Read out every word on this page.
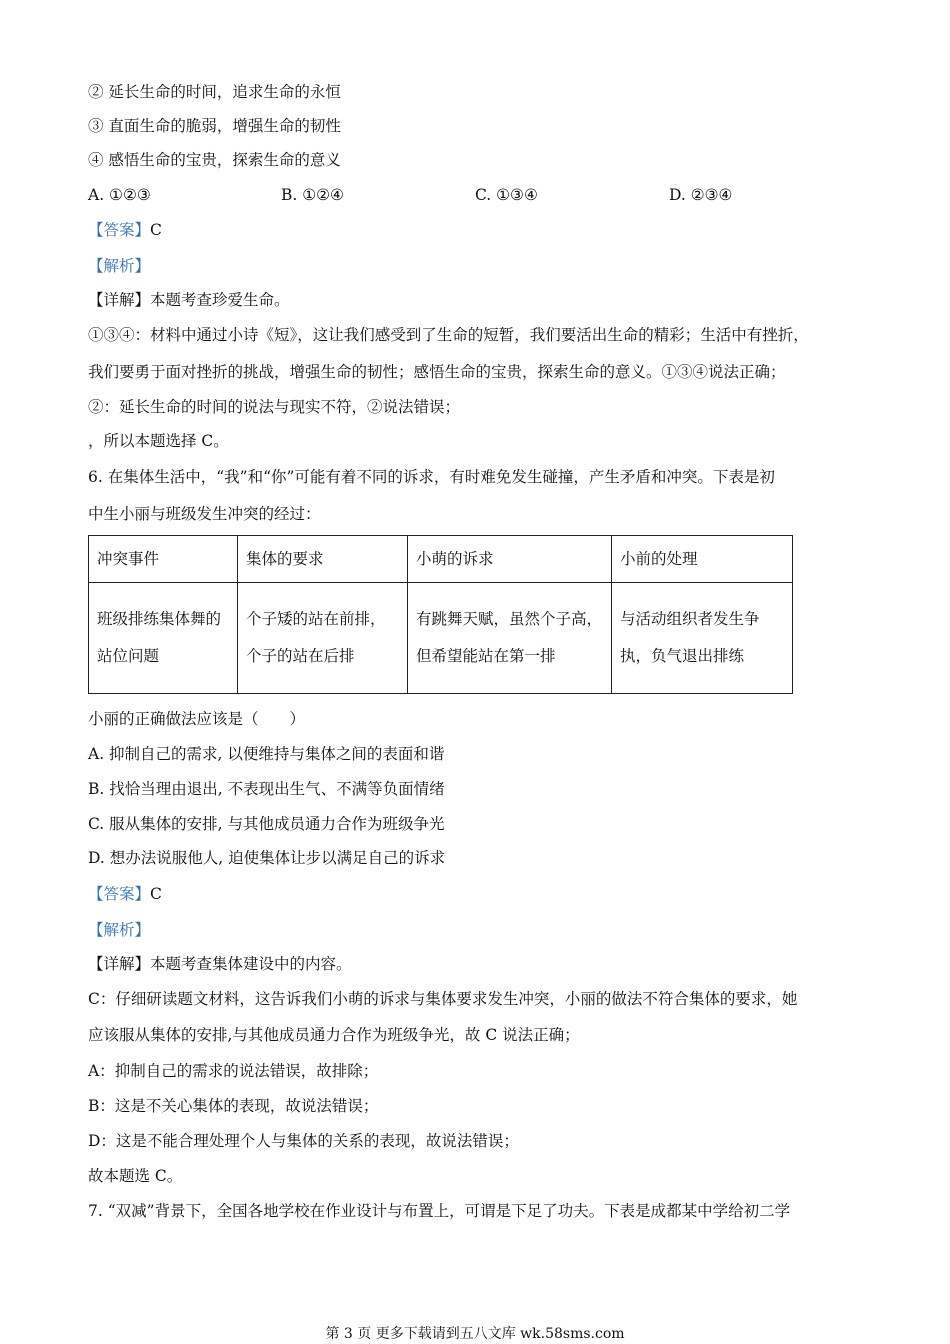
② 延长生命的时间，追求生命的永恒
③ 直面生命的脆弱，增强生命的韧性
④ 感悟生命的宝贵，探索生命的意义
A. ①②③	B. ①②④	C. ①③④	D. ②③④
【答案】C
【解析】
【详解】本题考查珍爱生命。
①③④：材料中通过小诗《短》，这让我们感受到了生命的短暂，我们要活出生命的精彩；生活中有挫折，
我们要勇于面对挫折的挑战，增强生命的韧性；感悟生命的宝贵，探索生命的意义。①③④说法正确；
②：延长生命的时间的说法与现实不符，②说法错误；
，所以本题选择 C。
6. 在集体生活中，“我”和“你”可能有着不同的诉求，有时难免发生碰撞，产生矛盾和冲突。下表是初
中生小丽与班级发生冲突的经过：
冲突事件	集体的要求	小萌的诉求	小前的处理
班级排练集体舞的站位问题	个子矮的站在前排，个子的站在后排	有跳舞天赋，虽然个子高，但希望能站在第一排	与活动组织者发生争执，负气退出排练
小丽的正确做法应该是（　　）
A. 抑制自己的需求, 以便维持与集体之间的表面和谐
B. 找恰当理由退出, 不表现出生气、不满等负面情绪
C. 服从集体的安排, 与其他成员通力合作为班级争光
D. 想办法说服他人, 迫使集体让步以满足自己的诉求
【答案】C
【解析】
【详解】本题考查集体建设中的内容。
C：仔细研读题文材料，这告诉我们小萌的诉求与集体要求发生冲突，小丽的做法不符合集体的要求，她
应该服从集体的安排,与其他成员通力合作为班级争光，故 C 说法正确；
A：抑制自己的需求的说法错误，故排除；
B：这是不关心集体的表现，故说法错误；
D：这是不能合理处理个人与集体的关系的表现，故说法错误；
故本题选 C。
7. “双减”背景下，全国各地学校在作业设计与布置上，可谓是下足了功夫。下表是成都某中学给初二学
第 3 页 更多下载请到五八文库 wk.58sms.com
